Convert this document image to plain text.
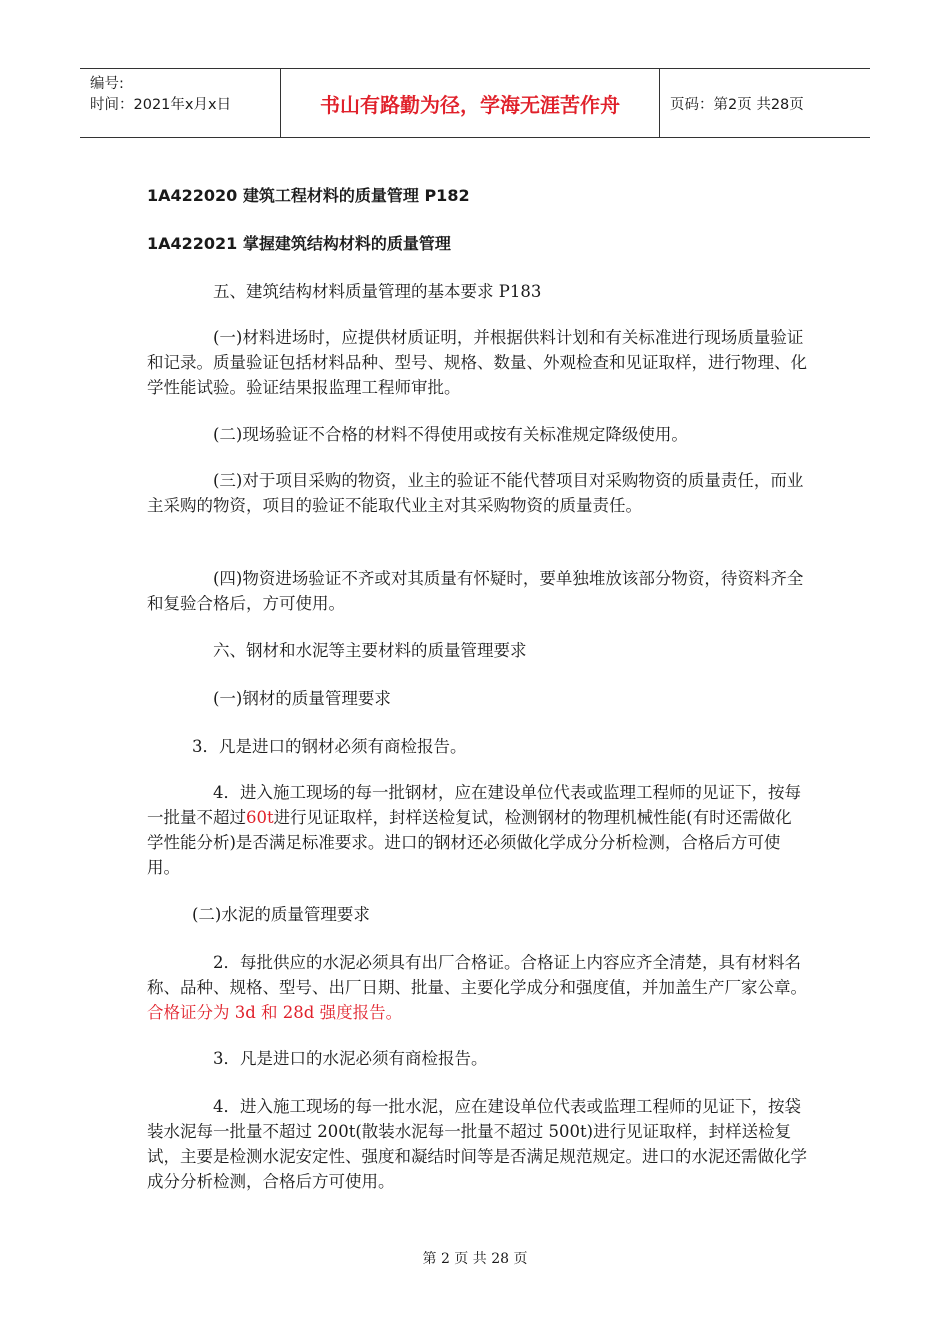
编号:
时间：2021年x月x日	书山有路勤为径，学海无涯苦作舟	页码：第2页 共28页
1A422020 建筑工程材料的质量管理 P182
1A422021 掌握建筑结构材料的质量管理
五、建筑结构材料质量管理的基本要求 P183
(一)材料进场时，应提供材质证明，并根据供料计划和有关标准进行现场质量验证和记录。质量验证包括材料品种、型号、规格、数量、外观检查和见证取样，进行物理、化学性能试验。验证结果报监理工程师审批。
(二)现场验证不合格的材料不得使用或按有关标准规定降级使用。
(三)对于项目采购的物资，业主的验证不能代替项目对采购物资的质量责任，而业主采购的物资，项目的验证不能取代业主对其采购物资的质量责任。
(四)物资进场验证不齐或对其质量有怀疑时，要单独堆放该部分物资，待资料齐全和复验合格后，方可使用。
六、钢材和水泥等主要材料的质量管理要求
(一)钢材的质量管理要求
3．凡是进口的钢材必须有商检报告。
4．进入施工现场的每一批钢材，应在建设单位代表或监理工程师的见证下，按每一批量不超过60t进行见证取样，封样送检复试，检测钢材的物理机械性能(有时还需做化学性能分析)是否满足标准要求。进口的钢材还必须做化学成分分析检测，合格后方可使用。
(二)水泥的质量管理要求
2．每批供应的水泥必须具有出厂合格证。合格证上内容应齐全清楚，具有材料名称、品种、规格、型号、出厂日期、批量、主要化学成分和强度值，并加盖生产厂家公章。合格证分为 3d 和 28d 强度报告。
3．凡是进口的水泥必须有商检报告。
4．进入施工现场的每一批水泥，应在建设单位代表或监理工程师的见证下，按袋装水泥每一批量不超过 200t(散装水泥每一批量不超过 500t)进行见证取样，封样送检复试，主要是检测水泥安定性、强度和凝结时间等是否满足规范规定。进口的水泥还需做化学成分分析检测，合格后方可使用。
第 2 页 共 28 页
